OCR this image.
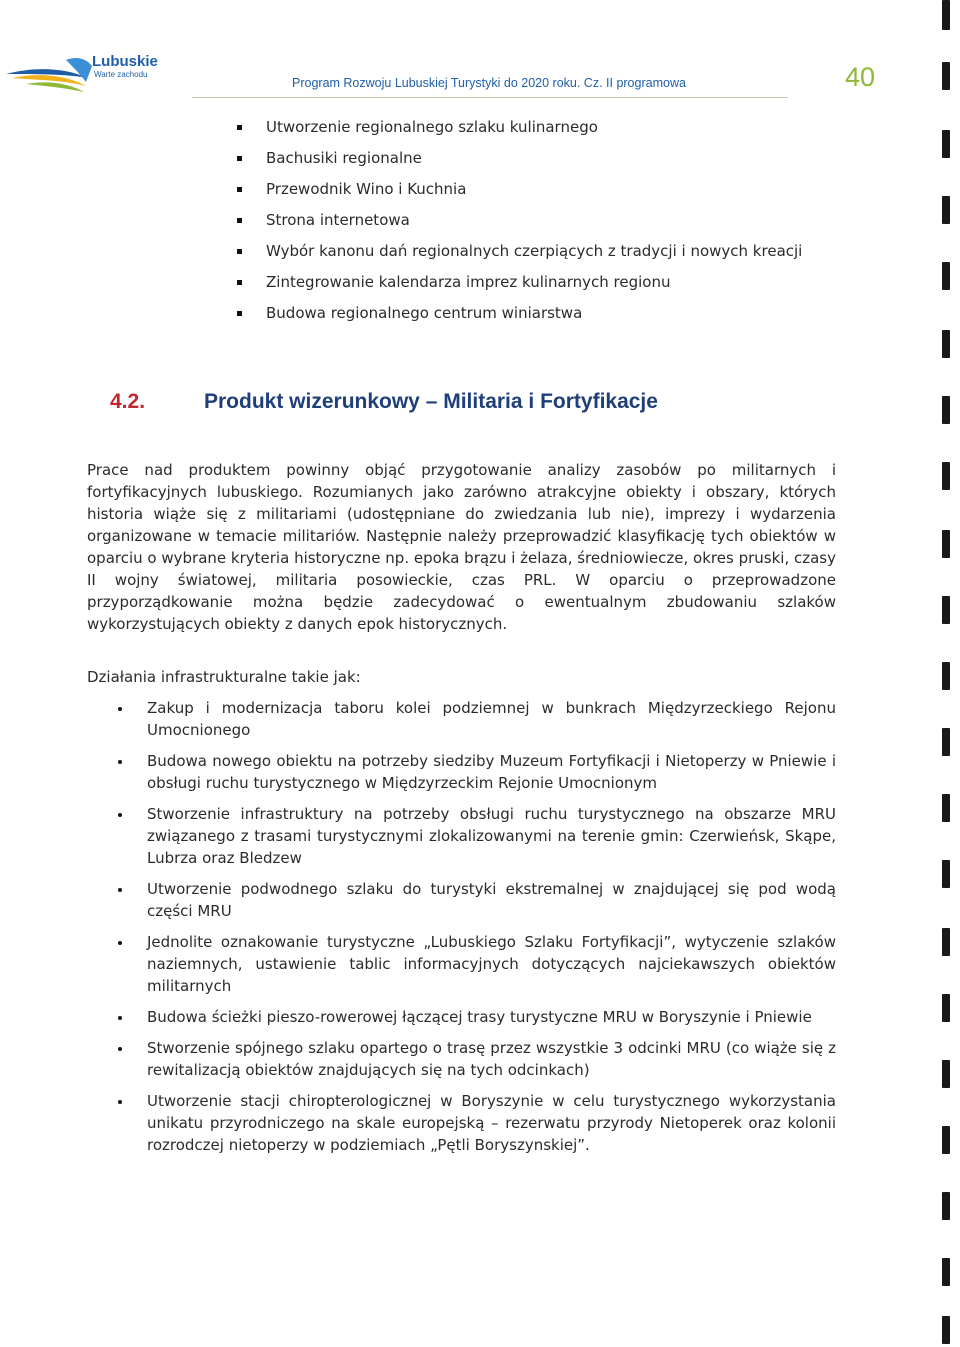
Lubuskie
Warte zachodu
Program Rozwoju Lubuskiej Turystyki do 2020 roku. Cz. II programowa	40
Utworzenie regionalnego szlaku kulinarnego
Bachusiki regionalne
Przewodnik Wino i Kuchnia
Strona internetowa
Wybór kanonu dań regionalnych czerpiących z tradycji i nowych kreacji
Zintegrowanie kalendarza imprez kulinarnych regionu
Budowa regionalnego centrum winiarstwa
4.2.	Produkt wizerunkowy – Militaria i Fortyfikacje

Prace nad produktem powinny objąć przygotowanie analizy zasobów po militarnych i fortyfikacyjnych lubuskiego. Rozumianych jako zarówno atrakcyjne obiekty i obszary, których historia wiąże się z militariami (udostępniane do zwiedzania lub nie), imprezy i wydarzenia organizowane w temacie militariów. Następnie należy przeprowadzić klasyfikację tych obiektów w oparciu o wybrane kryteria historyczne np. epoka brązu i żelaza, średniowiecze, okres pruski, czasy II wojny światowej, militaria posowieckie, czas PRL. W oparciu o przeprowadzone przyporządkowanie można będzie zadecydować o ewentualnym zbudowaniu szlaków wykorzystujących obiekty z danych epok historycznych.

Działania infrastrukturalne takie jak:

Zakup i modernizacja taboru kolei podziemnej w bunkrach Międzyrzeckiego Rejonu Umocnionego
Budowa nowego obiektu na potrzeby siedziby Muzeum Fortyfikacji i Nietoperzy w Pniewie i obsługi ruchu turystycznego w Międzyrzeckim Rejonie Umocnionym
Stworzenie infrastruktury na potrzeby obsługi ruchu turystycznego na obszarze MRU związanego z trasami turystycznymi zlokalizowanymi na terenie gmin: Czerwieńsk, Skąpe, Lubrza oraz Bledzew
Utworzenie podwodnego szlaku do turystyki ekstremalnej w znajdującej się pod wodą części MRU
Jednolite oznakowanie turystyczne „Lubuskiego Szlaku Fortyfikacji”, wytyczenie szlaków naziemnych, ustawienie tablic informacyjnych dotyczących najciekawszych obiektów militarnych
Budowa ścieżki pieszo-rowerowej łączącej trasy turystyczne MRU w Boryszynie i Pniewie
Stworzenie spójnego szlaku opartego o trasę przez wszystkie 3 odcinki MRU (co wiąże się z rewitalizacją obiektów znajdujących się na tych odcinkach)
Utworzenie stacji chiropterologicznej w Boryszynie w celu turystycznego wykorzystania unikatu przyrodniczego na skale europejską – rezerwatu przyrody Nietoperek oraz kolonii rozrodczej nietoperzy w podziemiach „Pętli Boryszynskiej”.
